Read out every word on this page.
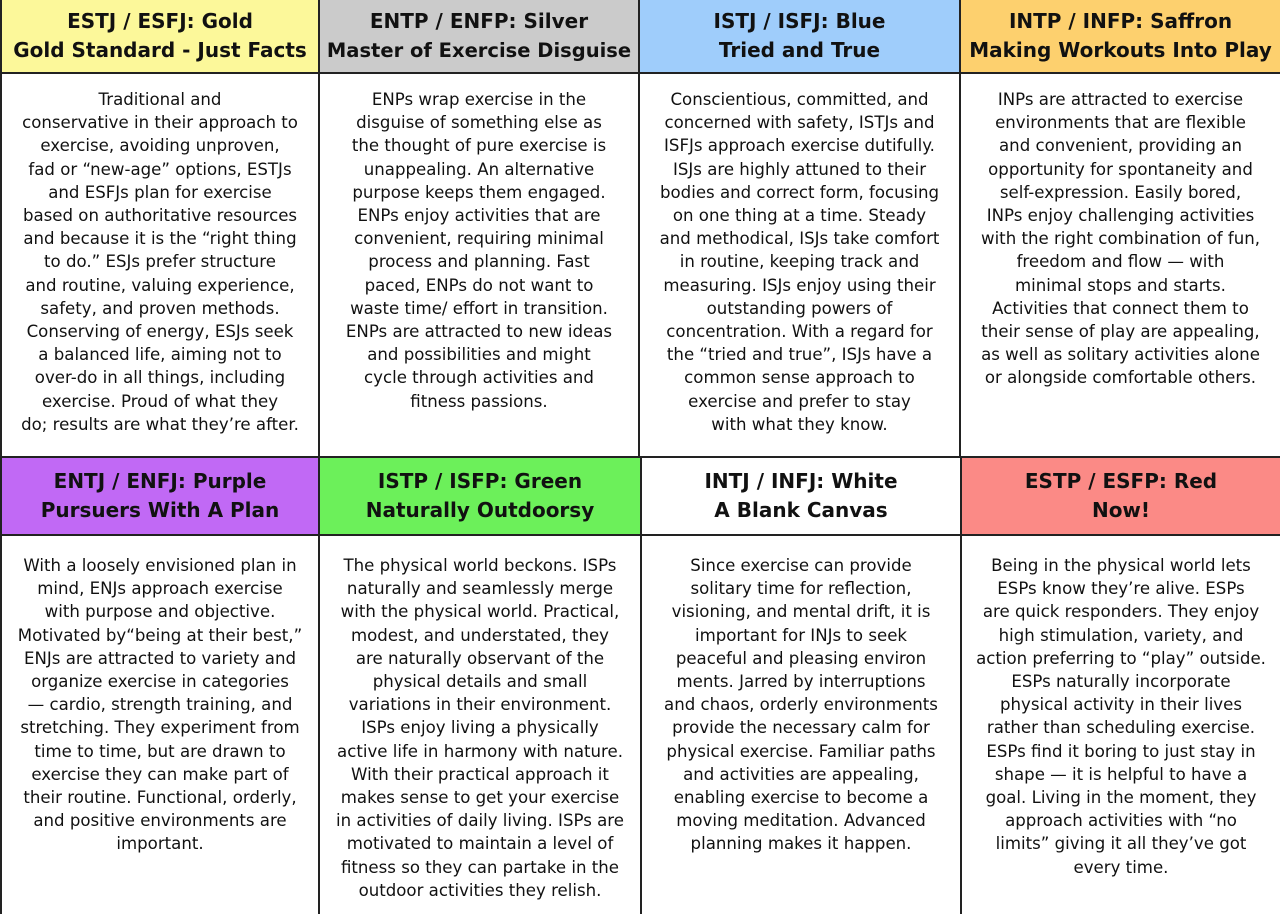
ESTJ / ESFJ: Gold
Gold Standard - Just Facts
Traditional and
conservative in their approach to
exercise, avoiding unproven,
fad or “new-age” options, ESTJs
and ESFJs plan for exercise
based on authoritative resources
and because it is the “right thing
to do.” ESJs prefer structure
and routine, valuing experience,
safety, and proven methods.
Conserving of energy, ESJs seek
a balanced life, aiming not to
over-do in all things, including
exercise. Proud of what they
do; results are what they’re after.
ENTP / ENFP: Silver
Master of Exercise Disguise
ENPs wrap exercise in the
disguise of something else as
the thought of pure exercise is
unappealing. An alternative
purpose keeps them engaged.
ENPs enjoy activities that are
convenient, requiring minimal
process and planning. Fast
paced, ENPs do not want to
waste time/ effort in transition.
ENPs are attracted to new ideas
and possibilities and might
cycle through activities and
fitness passions.
ISTJ / ISFJ: Blue
Tried and True
Conscientious, committed, and
concerned with safety, ISTJs and
ISFJs approach exercise dutifully.
ISJs are highly attuned to their
bodies and correct form, focusing
on one thing at a time. Steady
and methodical, ISJs take comfort
in routine, keeping track and
measuring. ISJs enjoy using their
outstanding powers of
concentration. With a regard for
the “tried and true”, ISJs have a
common sense approach to
exercise and prefer to stay
with what they know.
INTP / INFP: Saffron
Making Workouts Into Play
INPs are attracted to exercise
environments that are flexible
and convenient, providing an
opportunity for spontaneity and
self-expression. Easily bored,
INPs enjoy challenging activities
with the right combination of fun,
freedom and flow — with
minimal stops and starts.
Activities that connect them to
their sense of play are appealing,
as well as solitary activities alone
or alongside comfortable others.
ENTJ / ENFJ: Purple
Pursuers With A Plan
With a loosely envisioned plan in
mind, ENJs approach exercise
with purpose and objective.
Motivated by“being at their best,”
ENJs are attracted to variety and
organize exercise in categories
— cardio, strength training, and
stretching. They experiment from
time to time, but are drawn to
exercise they can make part of
their routine. Functional, orderly,
and positive environments are
important.
ISTP / ISFP: Green
Naturally Outdoorsy
The physical world beckons. ISPs
naturally and seamlessly merge
with the physical world. Practical,
modest, and understated, they
are naturally observant of the
physical details and small
variations in their environment.
ISPs enjoy living a physically
active life in harmony with nature.
With their practical approach it
makes sense to get your exercise
in activities of daily living. ISPs are
motivated to maintain a level of
fitness so they can partake in the
outdoor activities they relish.
INTJ / INFJ: White
A Blank Canvas
Since exercise can provide
solitary time for reflection,
visioning, and mental drift, it is
important for INJs to seek
peaceful and pleasing environ
ments. Jarred by interruptions
and chaos, orderly environments
provide the necessary calm for
physical exercise. Familiar paths
and activities are appealing,
enabling exercise to become a
moving meditation. Advanced
planning makes it happen.
ESTP / ESFP: Red
Now!
Being in the physical world lets
ESPs know they’re alive. ESPs
are quick responders. They enjoy
high stimulation, variety, and
action preferring to “play” outside.
ESPs naturally incorporate
physical activity in their lives
rather than scheduling exercise.
ESPs find it boring to just stay in
shape — it is helpful to have a
goal. Living in the moment, they
approach activities with “no
limits” giving it all they’ve got
every time.
